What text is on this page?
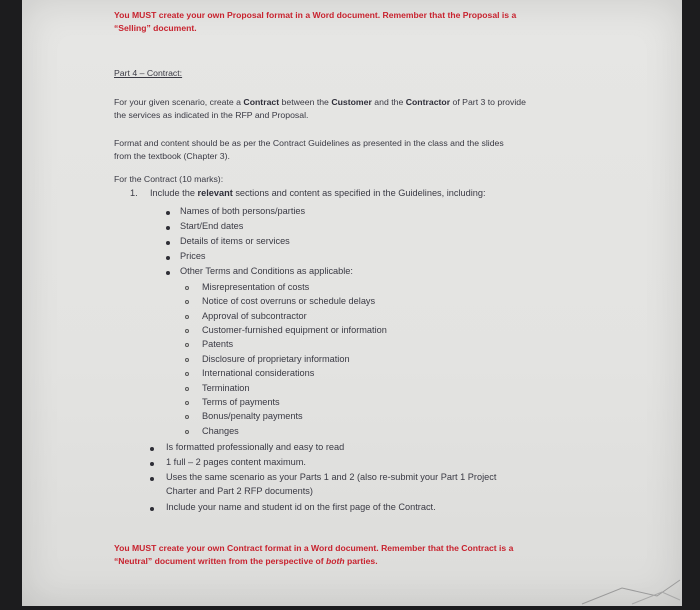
You MUST create your own Proposal format in a Word document. Remember that the Proposal is a
“Selling” document.
Part 4 – Contract:
For your given scenario, create a Contract between the Customer and the Contractor of Part 3 to provide
the services as indicated in the RFP and Proposal.
Format and content should be as per the Contract Guidelines as presented in the class and the slides
from the textbook (Chapter 3).
For the Contract (10 marks):
1. Include the relevant sections and content as specified in the Guidelines, including:
Names of both persons/parties
Start/End dates
Details of items or services
Prices
Other Terms and Conditions as applicable:
Misrepresentation of costs
Notice of cost overruns or schedule delays
Approval of subcontractor
Customer-furnished equipment or information
Patents
Disclosure of proprietary information
International considerations
Termination
Terms of payments
Bonus/penalty payments
Changes
Is formatted professionally and easy to read
1 full – 2 pages content maximum.
Uses the same scenario as your Parts 1 and 2 (also re-submit your Part 1 Project
Charter and Part 2 RFP documents)
Include your name and student id on the first page of the Contract.
You MUST create your own Contract format in a Word document. Remember that the Contract is a
“Neutral” document written from the perspective of both parties.
